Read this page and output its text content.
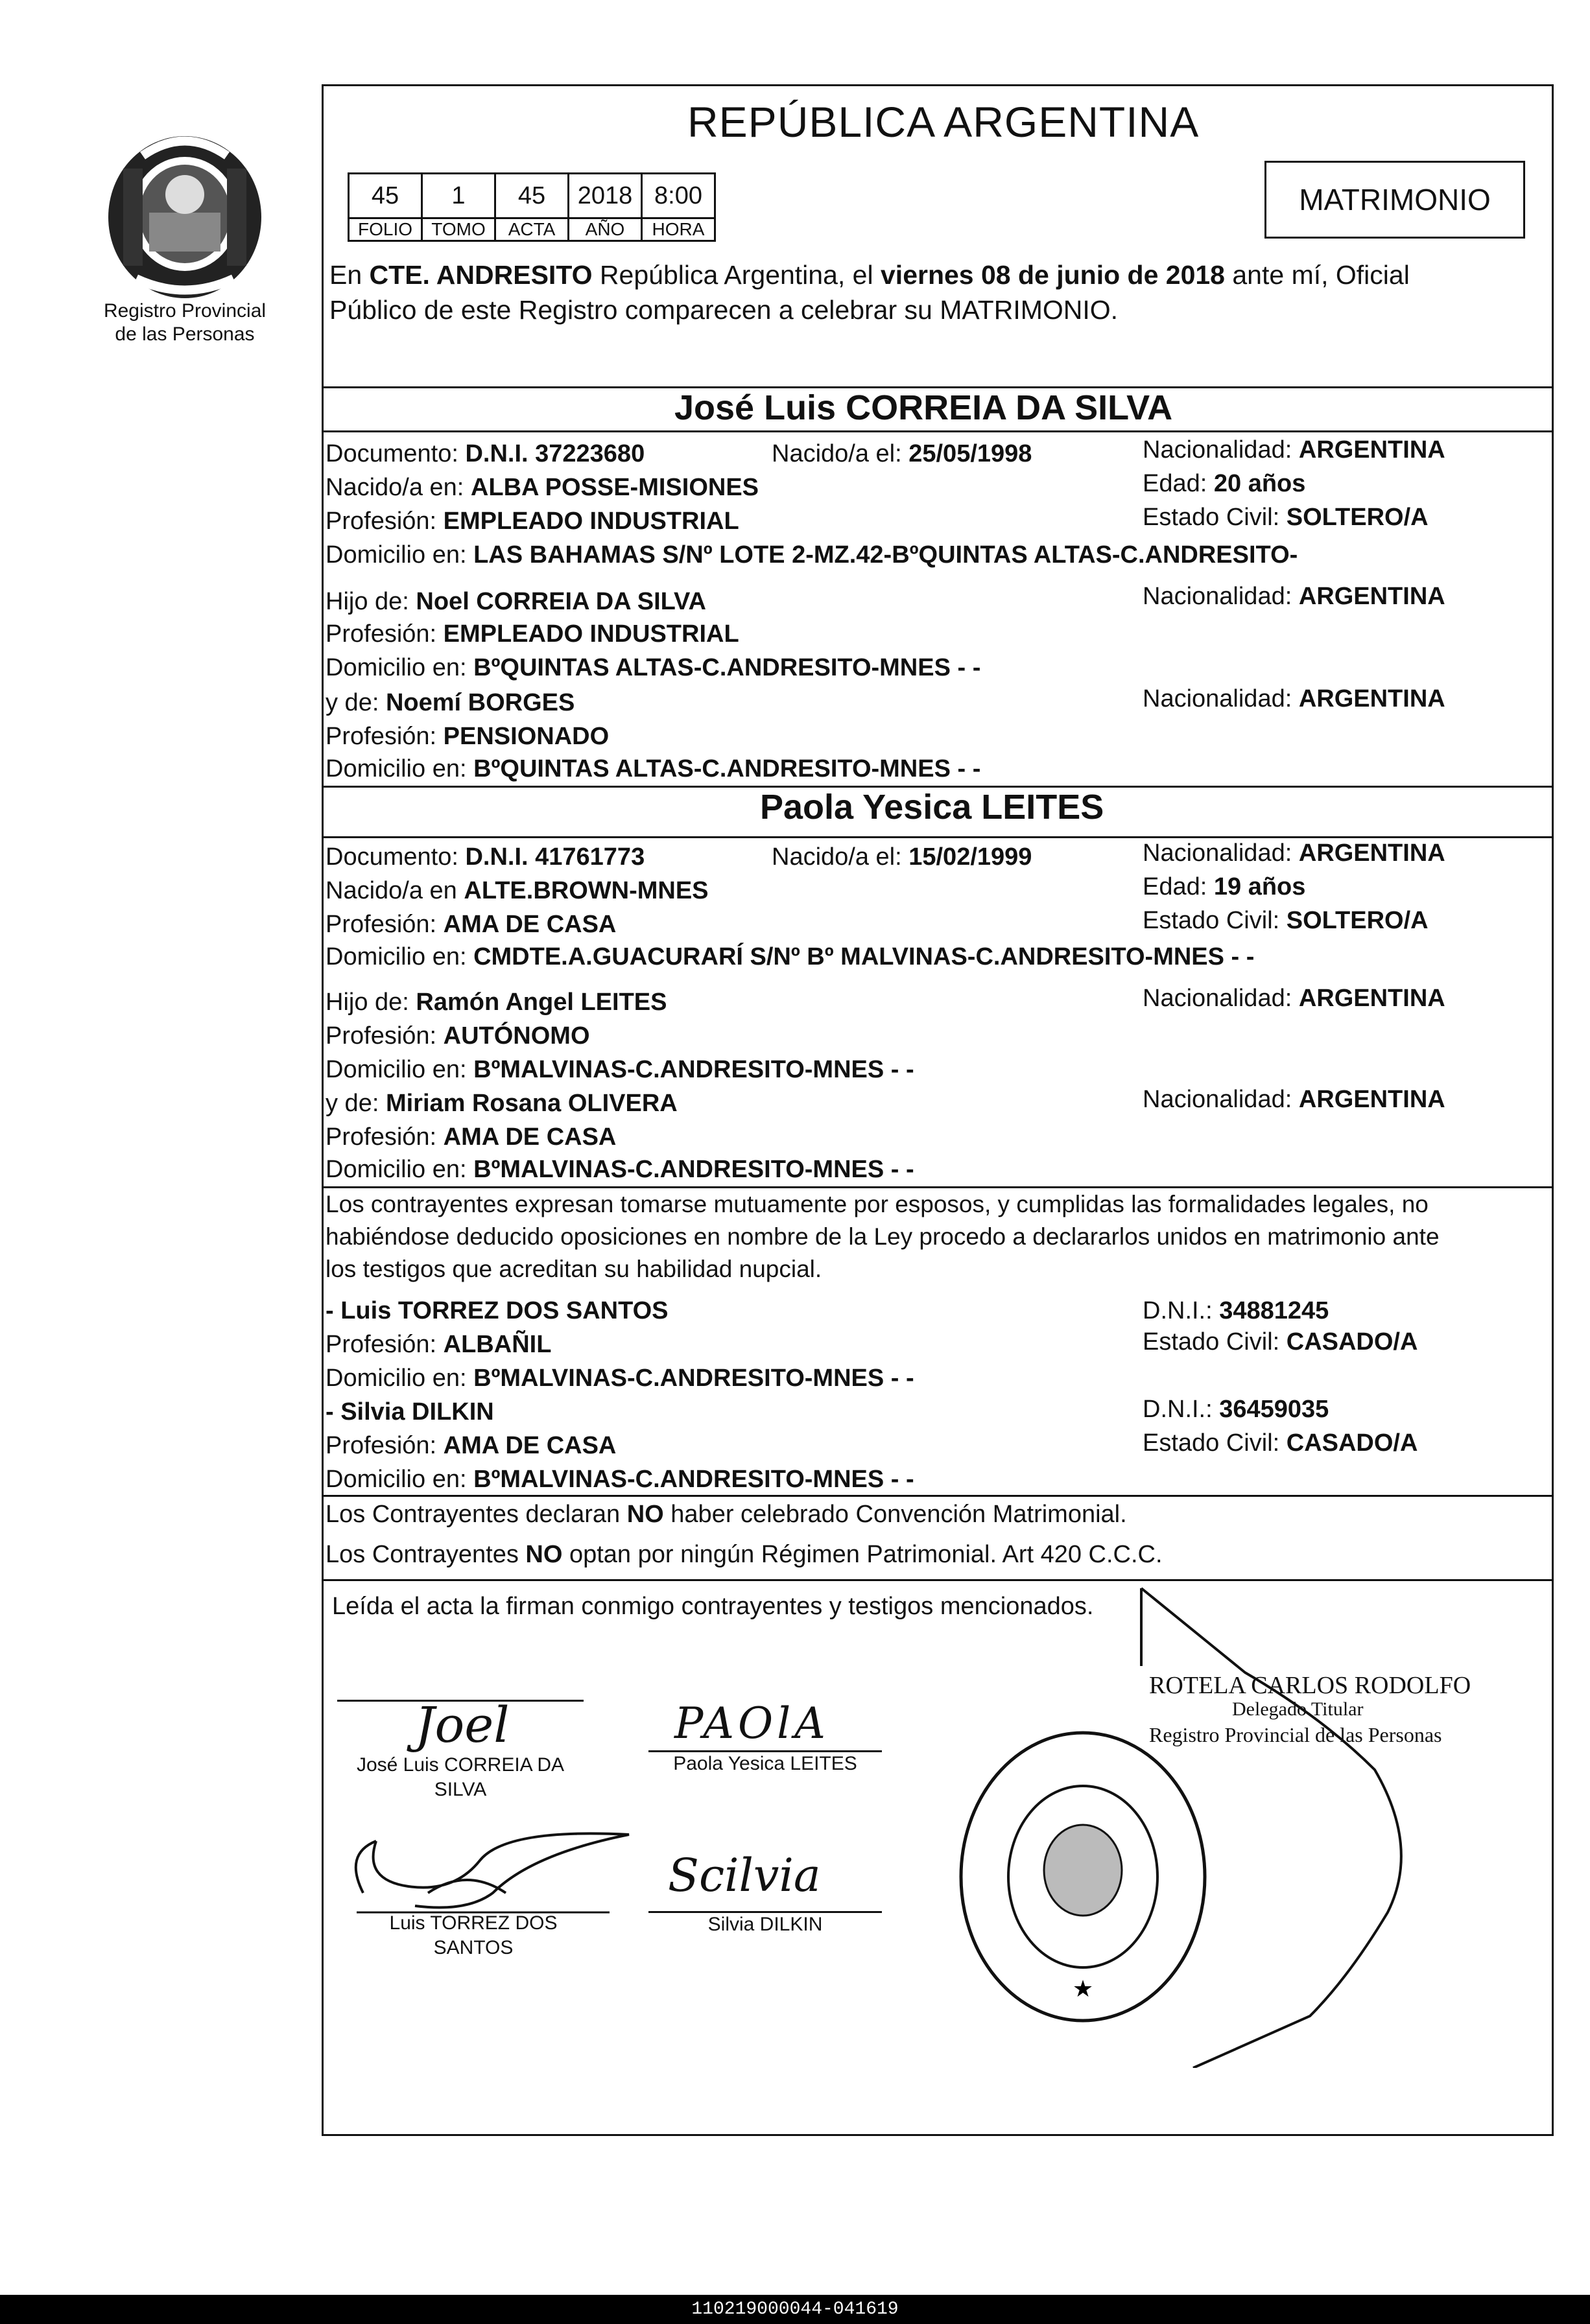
Registro Provincial
de las Personas
REPÚBLICA ARGENTINA
45	1	45	2018	8:00
FOLIO	TOMO	ACTA	AÑO	HORA
MATRIMONIO
En CTE. ANDRESITO República Argentina, el viernes 08 de junio de 2018 ante mí, Oficial
Público de este Registro comparecen a celebrar su MATRIMONIO.
José Luis CORREIA DA SILVA
Documento: D.N.I. 37223680	Nacido/a el: 25/05/1998	Nacionalidad: ARGENTINA
Nacido/a en: ALBA POSSE-MISIONES	Edad: 20 años
Profesión: EMPLEADO INDUSTRIAL	Estado Civil: SOLTERO/A
Domicilio en: LAS BAHAMAS S/Nº LOTE 2-MZ.42-BºQUINTAS ALTAS-C.ANDRESITO-
Hijo de: Noel CORREIA DA SILVA	Nacionalidad: ARGENTINA
Profesión: EMPLEADO INDUSTRIAL
Domicilio en: BºQUINTAS ALTAS-C.ANDRESITO-MNES - -
y de: Noemí BORGES	Nacionalidad: ARGENTINA
Profesión: PENSIONADO
Domicilio en: BºQUINTAS ALTAS-C.ANDRESITO-MNES - -
Paola Yesica LEITES
Documento: D.N.I. 41761773	Nacido/a el: 15/02/1999	Nacionalidad: ARGENTINA
Nacido/a en ALTE.BROWN-MNES	Edad: 19 años
Profesión: AMA DE CASA	Estado Civil: SOLTERO/A
Domicilio en: CMDTE.A.GUACURARÍ S/Nº Bº MALVINAS-C.ANDRESITO-MNES - -
Hijo de: Ramón Angel LEITES	Nacionalidad: ARGENTINA
Profesión: AUTÓNOMO
Domicilio en: BºMALVINAS-C.ANDRESITO-MNES - -
y de: Miriam Rosana OLIVERA	Nacionalidad: ARGENTINA
Profesión: AMA DE CASA
Domicilio en: BºMALVINAS-C.ANDRESITO-MNES - -
Los contrayentes expresan tomarse mutuamente por esposos, y cumplidas las formalidades legales, no
habiéndose deducido oposiciones en nombre de la Ley procedo a declararlos unidos en matrimonio ante
los testigos que acreditan su habilidad nupcial.
- Luis TORREZ DOS SANTOS	D.N.I.: 34881245
Profesión: ALBAÑIL	Estado Civil: CASADO/A
Domicilio en: BºMALVINAS-C.ANDRESITO-MNES - -
- Silvia DILKIN	D.N.I.: 36459035
Profesión: AMA DE CASA	Estado Civil: CASADO/A
Domicilio en: BºMALVINAS-C.ANDRESITO-MNES - -
Los Contrayentes declaran NO haber celebrado Convención Matrimonial.
Los Contrayentes NO optan por ningún Régimen Patrimonial. Art 420 C.C.C.
Leída el acta la firman conmigo contrayentes y testigos mencionados.
Joel
José Luis CORREIA DA
SILVA
PAOlA
Paola Yesica LEITES
Luis TORREZ DOS
SANTOS
Scilvia
Silvia DILKIN
ROTELA CARLOS RODOLFO
Delegado Titular
Registro Provincial de las Personas
★
110219000044-041619
